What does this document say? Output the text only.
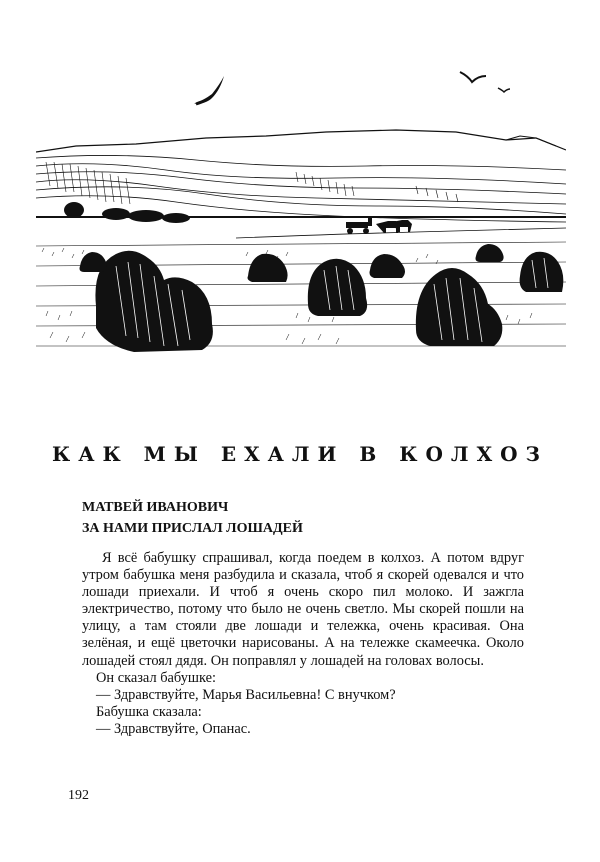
КАК МЫ ЕХАЛИ В КОЛХОЗ
МАТВЕЙ ИВАНОВИЧ
ЗА НАМИ ПРИСЛАЛ ЛОШАДЕЙ

Я всё бабушку спрашивал, когда поедем в колхоз. А потом вдруг утром бабушка меня разбудила и сказала, чтоб я скорей одевался и что лошади приехали. И чтоб я очень скоро пил молоко. И зажгла электричество, потому что было не очень светло. Мы скорей пошли на улицу, а там стояли две лошади и тележка, очень красивая. Она зелёная, и ещё цветочки нарисованы. А на тележке скамеечка. Около лошадей стоял дядя. Он поправлял у лошадей на головах волосы.

Он сказал бабушке:

— Здравствуйте, Марья Васильевна! С внучком?

Бабушка сказала:

— Здравствуйте, Опанас.

192
